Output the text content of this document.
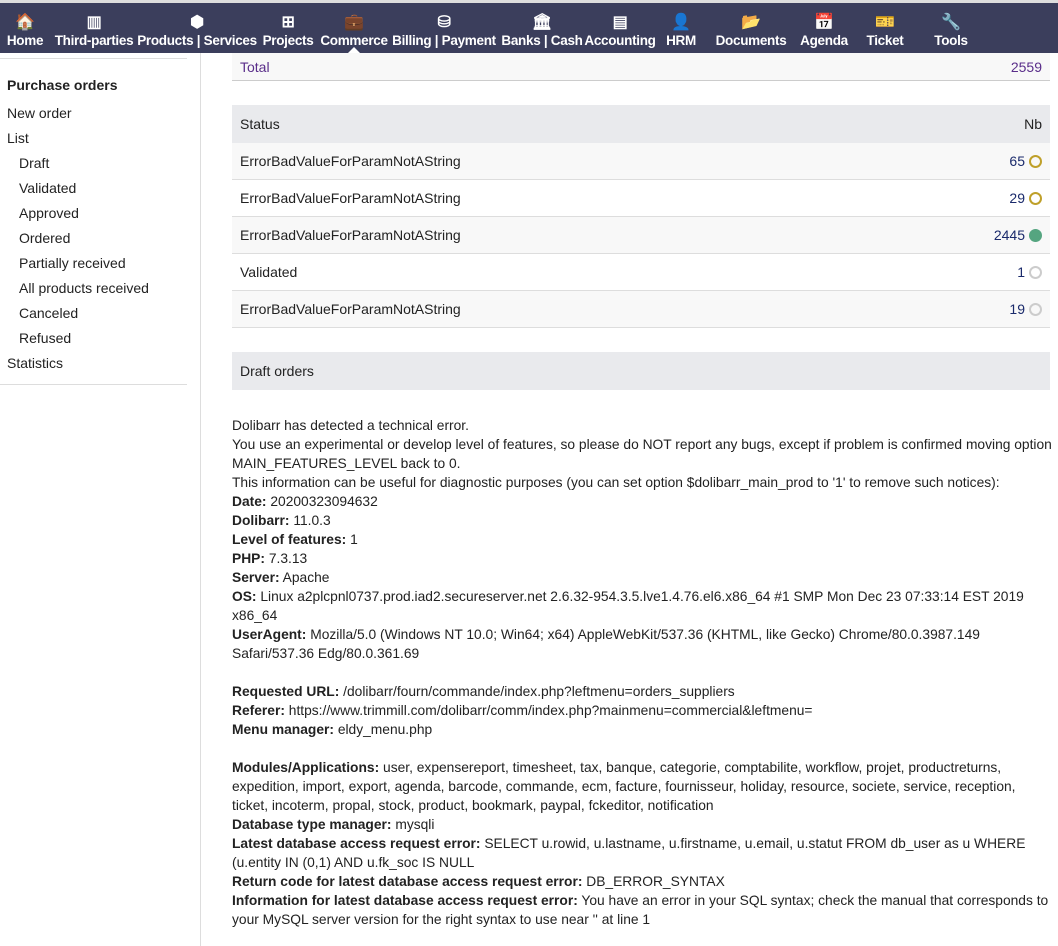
🏠
Home
▥
Third-parties
⬢
Products | Services
⊞
Projects
💼
Commerce
⛁
Billing | Payment
🏛
Banks | Cash
▤
Accounting
👤
HRM
📂
Documents
📅
Agenda
🎫
Ticket
🔧
Tools
Purchase orders
New order
List
Draft
Validated
Approved
Ordered
Partially received
All products received
Canceled
Refused
Statistics
Total	2559
Status	Nb
ErrorBadValueForParamNotAString	65
ErrorBadValueForParamNotAString	29
ErrorBadValueForParamNotAString	2445
Validated	1
ErrorBadValueForParamNotAString	19
Draft orders
Dolibarr has detected a technical error.
You use an experimental or develop level of features, so please do NOT report any bugs, except if problem is confirmed moving option MAIN_FEATURES_LEVEL back to 0.
This information can be useful for diagnostic purposes (you can set option $dolibarr_main_prod to '1' to remove such notices):
Date: 20200323094632
Dolibarr: 11.0.3
Level of features: 1
PHP: 7.3.13
Server: Apache
OS: Linux a2plcpnl0737.prod.iad2.secureserver.net 2.6.32-954.3.5.lve1.4.76.el6.x86_64 #1 SMP Mon Dec 23 07:33:14 EST 2019 x86_64
UserAgent: Mozilla/5.0 (Windows NT 10.0; Win64; x64) AppleWebKit/537.36 (KHTML, like Gecko) Chrome/80.0.3987.149 Safari/537.36 Edg/80.0.361.69

Requested URL: /dolibarr/fourn/commande/index.php?leftmenu=orders_suppliers
Referer: https://www.trimmill.com/dolibarr/comm/index.php?mainmenu=commercial&leftmenu=
Menu manager: eldy_menu.php

Modules/Applications: user, expensereport, timesheet, tax, banque, categorie, comptabilite, workflow, projet, productreturns, expedition, import, export, agenda, barcode, commande, ecm, facture, fournisseur, holiday, resource, societe, service, reception, ticket, incoterm, propal, stock, product, bookmark, paypal, fckeditor, notification
Database type manager: mysqli
Latest database access request error: SELECT u.rowid, u.lastname, u.firstname, u.email, u.statut FROM db_user as u WHERE (u.entity IN (0,1) AND u.fk_soc IS NULL
Return code for latest database access request error: DB_ERROR_SYNTAX
Information for latest database access request error: You have an error in your SQL syntax; check the manual that corresponds to your MySQL server version for the right syntax to use near '' at line 1
